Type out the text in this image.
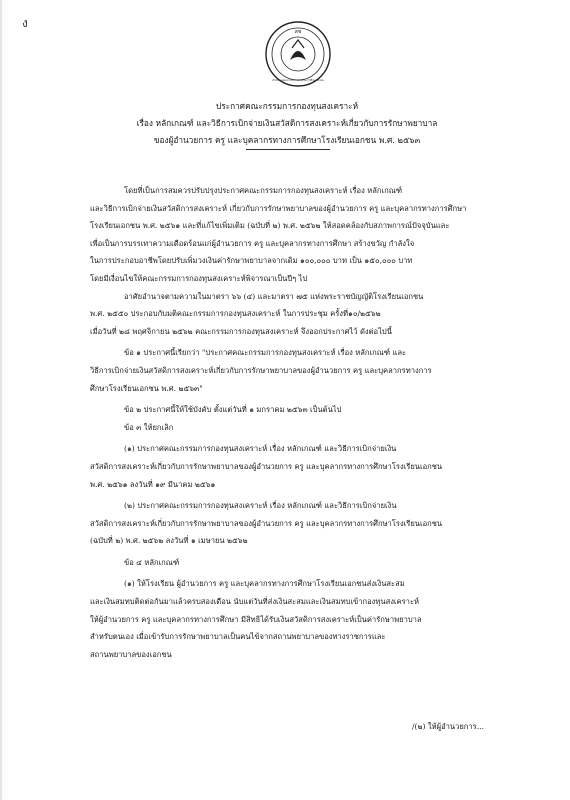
ง
สช
สำนักงานคณะกรรมการส่งเสริมการศึกษาเอกชน
ประกาศคณะกรรมการกองทุนสงเคราะห์
เรื่อง หลักเกณฑ์ และวิธีการเบิกจ่ายเงินสวัสดิการสงเคราะห์เกี่ยวกับการรักษาพยาบาล
ของผู้อำนวยการ ครู และบุคลากรทางการศึกษาโรงเรียนเอกชน พ.ศ. ๒๕๖๓

โดยที่เป็นการสมควรปรับปรุงประกาศคณะกรรมการกองทุนสงเคราะห์ เรื่อง หลักเกณฑ์

และวิธีการเบิกจ่ายเงินสวัสดิการสงเคราะห์ เกี่ยวกับการรักษาพยาบาลของผู้อำนวยการ ครู และบุคลากรทางการศึกษา

โรงเรียนเอกชน พ.ศ. ๒๕๖๑ และที่แก้ไขเพิ่มเติม (ฉบับที่ ๒) พ.ศ. ๒๕๖๒ ให้สอดคล้องกับสภาพการณ์ปัจจุบันและ

เพื่อเป็นการบรรเทาความเดือดร้อนแก่ผู้อำนวยการ ครู และบุคลากรทางการศึกษา สร้างขวัญ กำลังใจ

ในการประกอบอาชีพโดยปรับเพิ่มวงเงินค่ารักษาพยาบาลจากเดิม ๑๐๐,๐๐๐ บาท เป็น ๑๕๐,๐๐๐ บาท

โดยมีเงื่อนไขให้คณะกรรมการกองทุนสงเคราะห์พิจารณาเป็นปีๆ ไป

อาศัยอำนาจตามความในมาตรา ๖๖ (๔) และมาตรา ๗๕ แห่งพระราชบัญญัติโรงเรียนเอกชน

พ.ศ. ๒๕๕๐ ประกอบกับมติคณะกรรมการกองทุนสงเคราะห์ ในการประชุม ครั้งที่๑๐/๒๕๖๒

เมื่อวันที่ ๒๘ พฤศจิกายน ๒๕๖๒ คณะกรรมการกองทุนสงเคราะห์ จึงออกประกาศไว้ ดังต่อไปนี้

ข้อ ๑ ประกาศนี้เรียกว่า "ประกาศคณะกรรมการกองทุนสงเคราะห์ เรื่อง หลักเกณฑ์ และ

วิธีการเบิกจ่ายเงินสวัสดิการสงเคราะห์เกี่ยวกับการรักษาพยาบาลของผู้อำนวยการ ครู และบุคลากรทางการ

ศึกษาโรงเรียนเอกชน พ.ศ. ๒๕๖๓"

ข้อ ๒ ประกาศนี้ให้ใช้บังคับ ตั้งแต่วันที่ ๑ มกราคม ๒๕๖๓ เป็นต้นไป

ข้อ ๓ ให้ยกเลิก

(๑) ประกาศคณะกรรมการกองทุนสงเคราะห์ เรื่อง หลักเกณฑ์ และวิธีการเบิกจ่ายเงิน

สวัสดิการสงเคราะห์เกี่ยวกับการรักษาพยาบาลของผู้อำนวยการ ครู และบุคลากรทางการศึกษาโรงเรียนเอกชน

พ.ศ. ๒๕๖๑ ลงวันที่ ๑๙ มีนาคม ๒๕๖๑

(๒) ประกาศคณะกรรมการกองทุนสงเคราะห์ เรื่อง หลักเกณฑ์ และวิธีการเบิกจ่ายเงิน

สวัสดิการสงเคราะห์เกี่ยวกับการรักษาพยาบาลของผู้อำนวยการ ครู และบุคลากรทางการศึกษาโรงเรียนเอกชน

(ฉบับที่ ๒) พ.ศ. ๒๕๖๒ ลงวันที่ ๑ เมษายน ๒๕๖๒

ข้อ ๔ หลักเกณฑ์

(๑) ให้โรงเรียน ผู้อำนวยการ ครู และบุคลากรทางการศึกษาโรงเรียนเอกชนส่งเงินสะสม

และเงินสมทบติดต่อกันมาแล้วครบสองเดือน นับแต่วันที่ส่งเงินสะสมและเงินสมทบเข้ากองทุนสงเคราะห์

ให้ผู้อำนวยการ ครู และบุคลากรทางการศึกษา มีสิทธิได้รับเงินสวัสดิการสงเคราะห์เป็นค่ารักษาพยาบาล

สำหรับตนเอง เมื่อเข้ารับการรักษาพยาบาลเป็นคนไข้จากสถานพยาบาลของทางราชการและ

สถานพยาบาลของเอกชน

/(๒) ให้ผู้อำนวยการ...
